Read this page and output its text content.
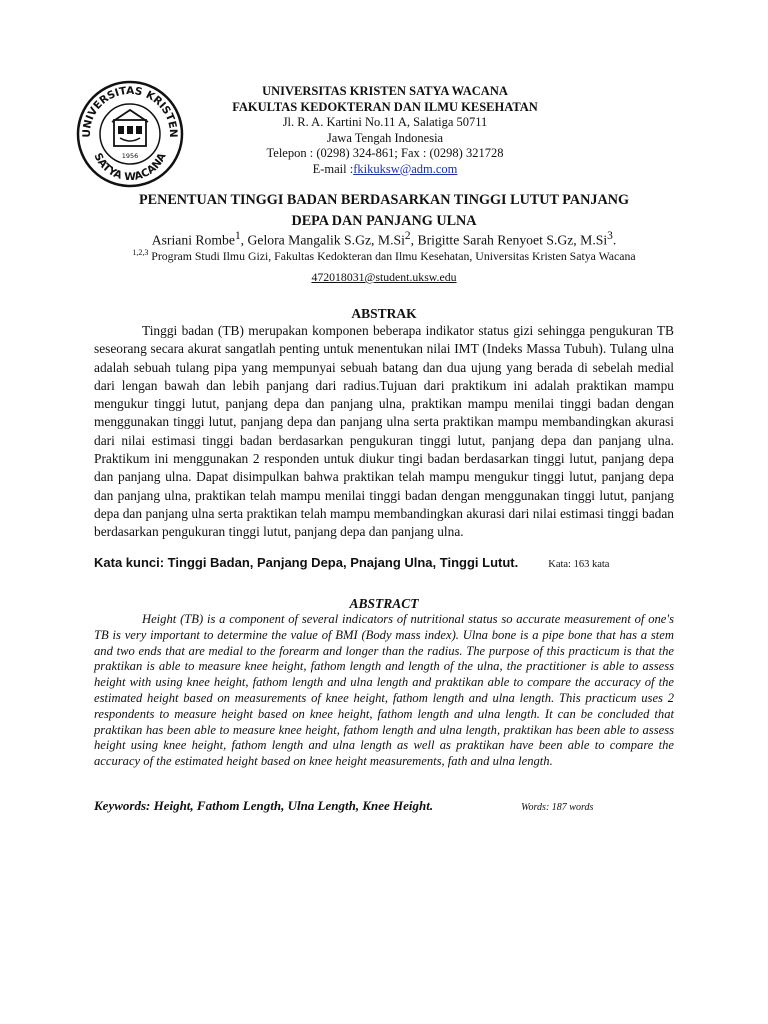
UNIVERSITAS KRISTEN
SATYA WACANA
1956
UNIVERSITAS KRISTEN SATYA WACANA
FAKULTAS KEDOKTERAN DAN ILMU KESEHATAN
Jl. R. A. Kartini No.11 A, Salatiga 50711
Jawa Tengah Indonesia
Telepon : (0298) 324-861; Fax : (0298) 321728
E-mail :fkikuksw@adm.com
PENENTUAN TINGGI BADAN BERDASARKAN TINGGI LUTUT PANJANG
DEPA DAN PANJANG ULNA
Asriani Rombe$^1$, Gelora Mangalik S.Gz, M.Si$^2$, Brigitte Sarah Renyoet S.Gz, M.Si$^3$.
$^{1,2,3}$ Program Studi Ilmu Gizi, Fakultas Kedokteran dan Ilmu Kesehatan, Universitas Kristen Satya Wacana
472018031@student.uksw.edu
ABSTRAK

Tinggi badan (TB) merupakan komponen beberapa indikator status gizi sehingga pengukuran TB seseorang secara akurat sangatlah penting untuk menentukan nilai IMT (Indeks Massa Tubuh). Tulang ulna adalah sebuah tulang pipa yang mempunyai sebuah batang dan dua ujung yang berada di sebelah medial dari lengan bawah dan lebih panjang dari radius.Tujuan dari praktikum ini adalah praktikan mampu mengukur tinggi lutut, panjang depa dan panjang ulna, praktikan mampu menilai tinggi badan dengan menggunakan tinggi lutut, panjang depa dan panjang ulna serta praktikan mampu membandingkan akurasi dari nilai estimasi tinggi badan berdasarkan pengukuran tinggi lutut, panjang depa dan panjang ulna. Praktikum ini menggunakan 2 responden untuk diukur tingi badan berdasarkan tinggi lutut, panjang depa dan panjang ulna. Dapat disimpulkan bahwa praktikan telah mampu mengukur tinggi lutut, panjang depa dan panjang ulna, praktikan telah mampu menilai tinggi badan dengan menggunakan tinggi lutut, panjang depa dan panjang ulna serta praktikan telah mampu membandingkan akurasi dari nilai estimasi tinggi badan berdasarkan pengukuran tinggi lutut, panjang depa dan panjang ulna.

Kata kunci: Tinggi Badan, Panjang Depa, Pnajang Ulna, Tinggi Lutut.	Kata: 163 kata
ABSTRACT

Height (TB) is a component of several indicators of nutritional status so accurate measurement of one's TB is very important to determine the value of BMI (Body mass index). Ulna bone is a pipe bone that has a stem and two ends that are medial to the forearm and longer than the radius. The purpose of this practicum is that the praktikan is able to measure knee height, fathom length and length of the ulna, the practitioner is able to assess height with using knee height, fathom length and ulna length and praktikan able to compare the accuracy of the estimated height based on measurements of knee height, fathom length and ulna length. This practicum uses 2 respondents to measure height based on knee height, fathom length and ulna length. It can be concluded that praktikan has been able to measure knee height, fathom length and ulna length, praktikan has been able to assess height using knee height, fathom length and ulna length as well as praktikan have been able to compare the accuracy of the estimated height based on knee height measurements, fath and ulna length.

Keywords: Height, Fathom Length, Ulna Length, Knee Height.	Words: 187 words
